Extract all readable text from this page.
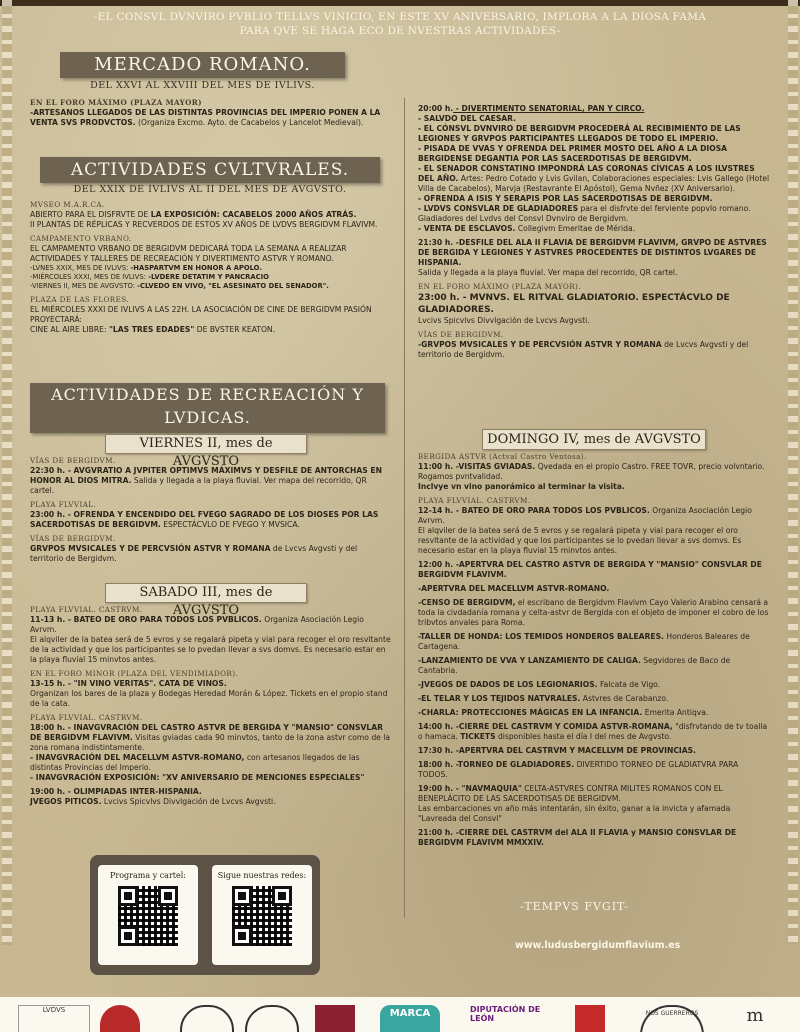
-EL CONSVL DVNVIRO PVBLIO TELLVS VINICIO, EN ESTE XV ANIVERSARIO, IMPLORA A LA DIOSA FAMA
PARA QVE SE HAGA ECO DE NVESTRAS ACTIVIDADES-
MERCADO ROMANO.
DEL XXVI AL XXVIII DEL MES DE IVLIVS.
EN EL FORO MÁXIMO (PLAZA MAYOR)

-ARTESANOS LLEGADOS DE LAS DISTINTAS PROVINCIAS DEL IMPERIO PONEN A LA VENTA SVS PRODVCTOS. (Organiza Excmo. Ayto. de Cacabelos y Lancelot Medieval).

ACTIVIDADES CVLTVRALES.
DEL XXIX DE IVLIVS AL II DEL MES DE AVGVSTO.
MVSEO M.A.R.CA.

ABIERTO PARA EL DISFRVTE DE LA EXPOSICIÓN: CACABELOS 2000 AÑOS ATRÁS.

II PLANTAS DE RÉPLICAS Y RECVERDOS DE ESTOS XV AÑOS DE LVDVS BERGIDVM FLAVIVM.

CAMPAMENTO VRBANO.

EL CAMPAMENTO VRBANO DE BERGIDVM DEDICARÁ TODA LA SEMANA A REALIZAR ACTIVIDADES Y TALLERES DE RECREACIÓN Y DIVERTIMENTO ASTVR Y ROMANO.

-LVNES XXIX, MES DE IVLIVS: -HASPARTVM EN HONOR A APOLO.

-MIÉRCOLES XXXI, MES DE IVLIVS: -LVDERE DETATIM Y PANCRACIO

-VIERNES II, MES DE AVGVSTO: -CLVEDO EN VIVO, "EL ASESINATO DEL SENADOR".

PLAZA DE LAS FLORES.

EL MIÉRCOLES XXXI DE IVLIVS A LAS 22H. LA ASOCIACIÓN DE CINE DE BERGIDVM PASIÓN PROYECTARÁ:

CINE AL AIRE LIBRE: "LAS TRES EDADES" DE BVSTER KEATON.

ACTIVIDADES DE RECREACIÓN Y
LVDICAS.
VIERNES II, mes de AVGVSTO
VÍAS DE BERGIDVM.

22:30 h. - AVGVRATIO A JVPITER OPTIMVS MÁXIMVS Y DESFILE DE ANTORCHAS EN HONOR AL DIOS MITRA. Salida y llegada a la playa fluvial. Ver mapa del recorrido, QR cartel.

PLAYA FLVVIAL.

23:00 h. - OFRENDA Y ENCENDIDO DEL FVEGO SAGRADO DE LOS DIOSES POR LAS SACERDOTISAS DE BERGIDVM. ESPECTÁCVLO DE FVEGO Y MVSICA.

VÍAS DE BERGIDVM.

GRVPOS MVSICALES Y DE PERCVSIÓN ASTVR Y ROMANA de Lvcvs Avgvsti y del territorio de Bergidvm.

SABADO III, mes de AVGVSTO
PLAYA FLVVIAL. CASTRVM.

11-13 h. - BATEO DE ORO PARA TODOS LOS PVBLICOS. Organiza Asociación Legio Avrvm.

El alqviler de la batea será de 5 evros y se regalará pipeta y vial para recoger el oro resvltante de la actividad y que los participantes se lo pvedan llevar a svs domvs. Es necesario estar en la playa fluvial 15 minvtos antes.

EN EL FORO MINOR (PLAZA DEL VENDIMIADOR).

13-15 h. - "IN VINO VERITAS". CATA DE VINOS.

Organizan los bares de la plaza y Bodegas Heredad Morán & López. Tickets en el propio stand de la cata.

PLAYA FLVVIAL. CASTRVM.

18:00 h. - INAVGVRACIÓN DEL CASTRO ASTVR DE BERGIDA Y "MANSIO" CONSVLAR DE BERGIDVM FLAVIVM. Visitas gviadas cada 90 minvtos, tanto de la zona astvr como de la zona romana indistintamente.

- INAVGVRACIÓN DEL MACELLVM ASTVR-ROMANO, con artesanos llegados de las distintas Provincias del Imperio.

- INAVGVRACIÓN EXPOSICIÓN: "XV ANIVERSARIO DE MENCIONES ESPECIALES"

19:00 h. - OLIMPIADAS INTER-HISPANIA.

JVEGOS PITICOS. Lvcivs Spicvlvs Divvlgación de Lvcvs Avgvsti.

20:00 h. - DIVERTIMENTO SENATORIAL, PAN Y CIRCO.

- SALVDO DEL CAESAR.

- EL CÓNSVL DVNVIRO DE BERGIDVM PROCEDERÁ AL RECIBIMIENTO DE LAS LEGIONES Y GRVPOS PARTICIPANTES LLEGADOS DE TODO EL IMPERIO.

- PISADA DE VVAS Y OFRENDA DEL PRIMER MOSTO DEL AÑO A LA DIOSA BERGIDENSE DEGANTIA POR LAS SACERDOTISAS DE BERGIDVM.

- EL SENADOR CONSTATINO IMPONDRÁ LAS CORONAS CÍVICAS A LOS ILVSTRES DEL AÑO. Artes: Pedro Cotado y Lvis Gvilan, Colaboraciones especiales: Lvis Gallego (Hotel Villa de Cacabelos), Marvja (Restavrante El Apóstol), Gema Nvñez (XV Aniversario).

- OFRENDA A ISIS Y SERAPIS POR LAS SACERDOTISAS DE BERGIDVM.

- LVDVS CONSVLAR DE GLADIADORES para el disfrvte del ferviente popvlo romano.

Gladiadores del Lvdvs del Consvl Dvnviro de Bergidvm.

- VENTA DE ESCLAVOS. Collegivm Emeritae de Mérida.

21:30 h. -DESFILE DEL ALA II FLAVIA DE BERGIDVM FLAVIVM, GRVPO DE ASTVRES DE BERGIDA Y LEGIONES Y ASTVRES PROCEDENTES DE DISTINTOS LVGARES DE HISPANIA.

Salida y llegada a la playa fluvial. Ver mapa del recorrido, QR cartel.

EN EL FORO MÁXIMO (PLAZA MAYOR).

23:00 h. - MVNVS. EL RITVAL GLADIATORIO. ESPECTÁCVLO DE GLADIADORES.

Lvcivs Spicvlvs Divvlgación de Lvcvs Avgvsti.

VÍAS DE BERGIDVM.

-GRVPOS MVSICALES Y DE PERCVSIÓN ASTVR Y ROMANA de Lvcvs Avgvsti y del territorio de Bergidvm.

DOMINGO IV, mes de AVGVSTO
BERGIDA ASTVR (Actval Castro Ventosa).

11:00 h. -VISITAS GVIADAS. Qvedada en el propio Castro. FREE TOVR, precio volvntario. Rogamos pvntvalidad.

Inclvye vn vino panorámico al terminar la visita.

PLAYA FLVVIAL. CASTRVM.

12-14 h. - BATEO DE ORO PARA TODOS LOS PVBLICOS. Organiza Asociación Legio Avrvm.

El alqviler de la batea será de 5 evros y se regalará pipeta y vial para recoger el oro resvltante de la actividad y que los participantes se lo pvedan llevar a svs domvs. Es necesario estar en la playa fluvial 15 minvtos antes.

12:00 h. -APERTVRA DEL CASTRO ASTVR DE BERGIDA Y "MANSIO" CONSVLAR DE BERGIDVM FLAVIVM.

-APERTVRA DEL MACELLVM ASTVR-ROMANO.

-CENSO DE BERGIDVM, el escribano de Bergidvm Flavivm Cayo Valerio Arabino censará a toda la civdadanía romana y celta-astvr de Bergida con el objeto de imponer el cobro de los tribvtos anvales para Roma.

-TALLER DE HONDA: LOS TEMIDOS HONDEROS BALEARES. Honderos Baleares de Cartagena.

-LANZAMIENTO DE VVA Y LANZAMIENTO DE CALIGA. Segvidores de Baco de Cantabria.

-JVEGOS DE DADOS DE LOS LEGIONARIOS. Falcata de Vigo.

-EL TELAR Y LOS TEJIDOS NATVRALES. Astvres de Carabanzo.

-CHARLA: PROTECCIONES MÁGICAS EN LA INFANCIA. Emerita Antiqva.

14:00 h. -CIERRE DEL CASTRVM Y COMIDA ASTVR-ROMANA, "disfrvtando de tv toalla o hamaca. TICKETS disponibles hasta el día I del mes de Avgvsto.

17:30 h. -APERTVRA DEL CASTRVM Y MACELLVM DE PROVINCIAS.

18:00 h. -TORNEO DE GLADIADORES. DIVERTIDO TORNEO DE GLADIATVRA PARA TODOS.

19:00 h. - "NAVMAQUIA" CELTA-ASTVRES CONTRA MILITES ROMANOS CON EL BENEPLÁCITO DE LAS SACERDOTISAS DE BERGIDVM.

Las embarcaciones vn año más intentarán, sin éxito, ganar a la invicta y afamada "Lavreada del Consvl"

21:00 h. -CIERRE DEL CASTRVM del ALA II FLAVIA y MANSIO CONSVLAR DE BERGIDVM FLAVIVM MMXXIV.

Programa y cartel:	Sigue nuestras redes:
-TEMPVS FVGIT-
www.ludusbergidumflavium.es
LVDVS	MARCA	DIPUTACIÓN DE LEÓN
NOS GUERREROS	m
